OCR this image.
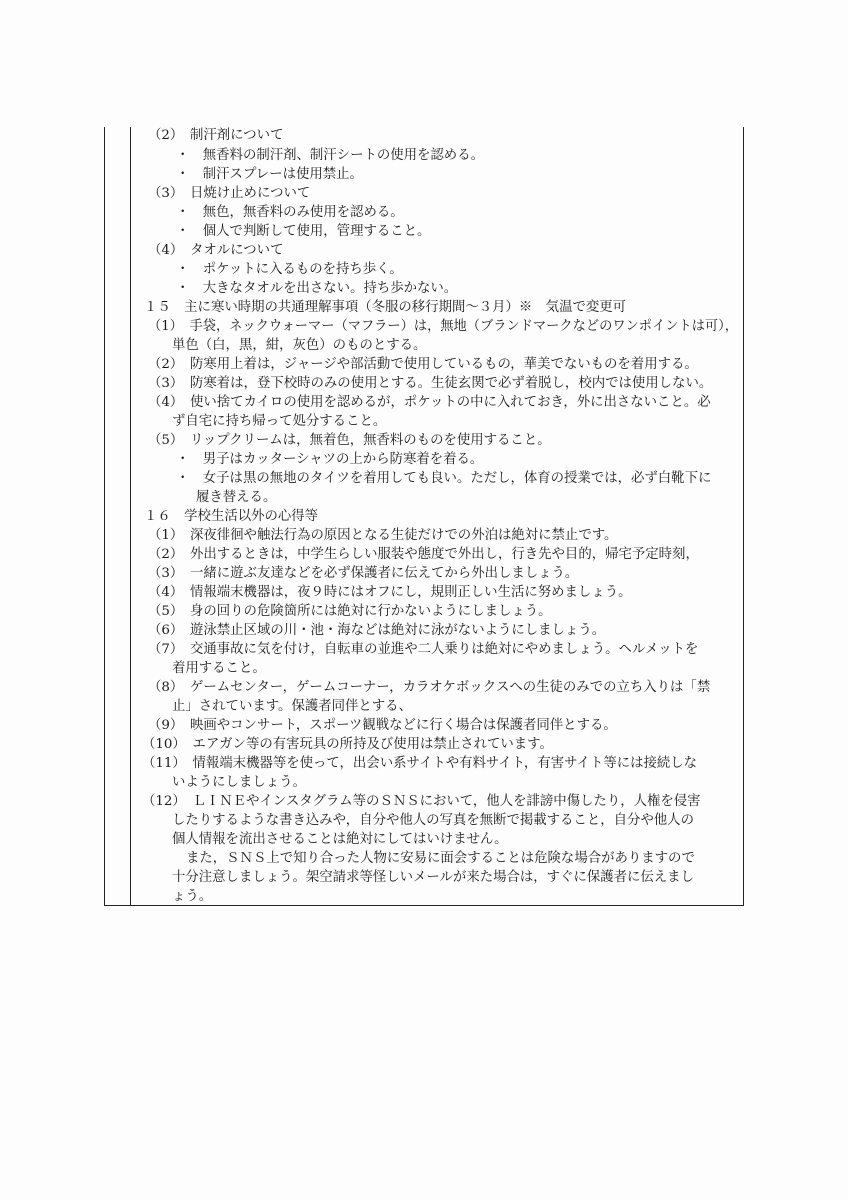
（2）　制汗剤について
・　無香料の制汗剤、制汗シートの使用を認める。
・　制汗スプレーは使用禁止。
（3）　日焼け止めについて
・　無色，無香料のみ使用を認める。
・　個人で判断して使用，管理すること。
（4）　タオルについて
・　ポケットに入るものを持ち歩く。
・　大きなタオルを出さない。持ち歩かない。
１５　主に寒い時期の共通理解事項（冬服の移行期間～３月）※　気温で変更可
（1）　手袋，ネックウォーマー（マフラー）は，無地（ブランドマークなどのワンポイントは可），
単色（白，黒，紺，灰色）のものとする。
（2）　防寒用上着は，ジャージや部活動で使用しているもの，華美でないものを着用する。
（3）　防寒着は，登下校時のみの使用とする。生徒玄関で必ず着脱し，校内では使用しない。
（4）　使い捨てカイロの使用を認めるが，ポケットの中に入れておき，外に出さないこと。必
ず自宅に持ち帰って処分すること。
（5）　リップクリームは，無着色，無香料のものを使用すること。
・　男子はカッターシャツの上から防寒着を着る。
・　女子は黒の無地のタイツを着用しても良い。ただし，体育の授業では，必ず白靴下に
履き替える。
１６　学校生活以外の心得等
（1）　深夜徘徊や触法行為の原因となる生徒だけでの外泊は絶対に禁止です。
（2）　外出するときは，中学生らしい服装や態度で外出し，行き先や目的，帰宅予定時刻，
（3）　一緒に遊ぶ友達などを必ず保護者に伝えてから外出しましょう。
（4）　情報端末機器は，夜９時にはオフにし，規則正しい生活に努めましょう。
（5）　身の回りの危険箇所には絶対に行かないようにしましょう。
（6）　遊泳禁止区域の川・池・海などは絶対に泳がないようにしましょう。
（7）　交通事故に気を付け，自転車の並進や二人乗りは絶対にやめましょう。ヘルメットを
着用すること。
（8）　ゲームセンター，ゲームコーナー，カラオケボックスへの生徒のみでの立ち入りは「禁
止」されています。保護者同伴とする、
（9）　映画やコンサート，スポーツ観戦などに行く場合は保護者同伴とする。
（10）　エアガン等の有害玩具の所持及び使用は禁止されています。
（11）　情報端末機器等を使って，出会い系サイトや有料サイト，有害サイト等には接続しな
いようにしましょう。
（12）　ＬＩＮＥやインスタグラム等のＳＮＳにおいて，他人を誹謗中傷したり，人権を侵害
したりするような書き込みや，自分や他人の写真を無断で掲載すること，自分や他人の
個人情報を流出させることは絶対にしてはいけません。
また，ＳＮＳ上で知り合った人物に安易に面会することは危険な場合がありますので
十分注意しましょう。架空請求等怪しいメールが来た場合は，すぐに保護者に伝えまし
ょう。
